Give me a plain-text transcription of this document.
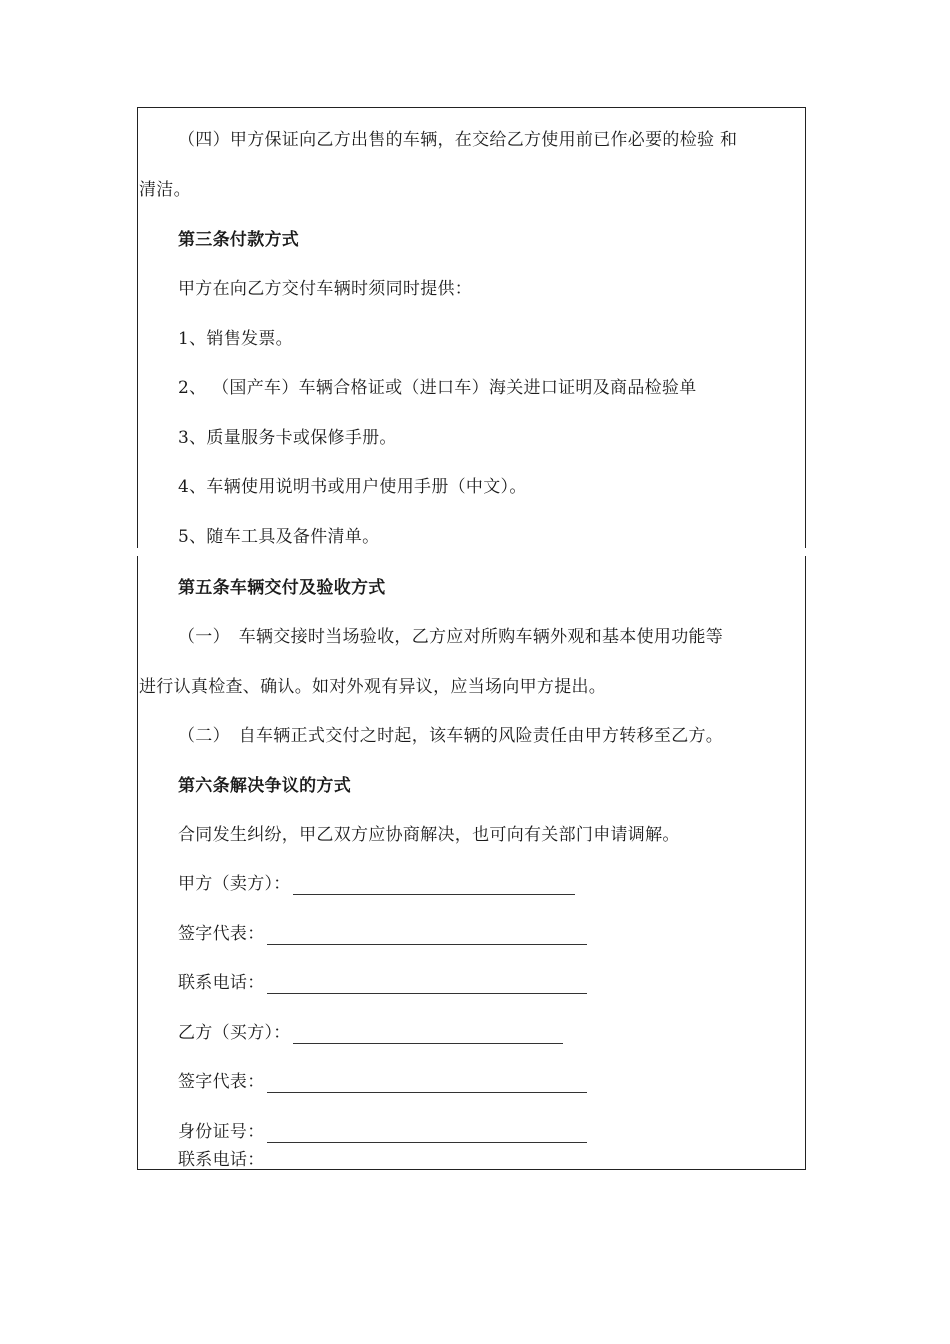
（四）甲方保证向乙方出售的车辆，在交给乙方使用前已作必要的检验 和
清洁。
第三条付款方式
甲方在向乙方交付车辆时须同时提供：
1、销售发票。
2、 （国产车）车辆合格证或（进口车）海关进口证明及商品检验单
3、质量服务卡或保修手册。
4、车辆使用说明书或用户使用手册（中文）。
5、随车工具及备件清单。
第五条车辆交付及验收方式
（一）　车辆交接时当场验收，乙方应对所购车辆外观和基本使用功能等
进行认真检查、确认。如对外观有异议，应当场向甲方提出。
（二）　自车辆正式交付之时起，该车辆的风险责任由甲方转移至乙方。
第六条解决争议的方式
合同发生纠纷，甲乙双方应协商解决，也可向有关部门申请调解。
甲方（卖方）：
签字代表：
联系电话：
乙方（买方）：
签字代表：
身份证号：
联系电话：
